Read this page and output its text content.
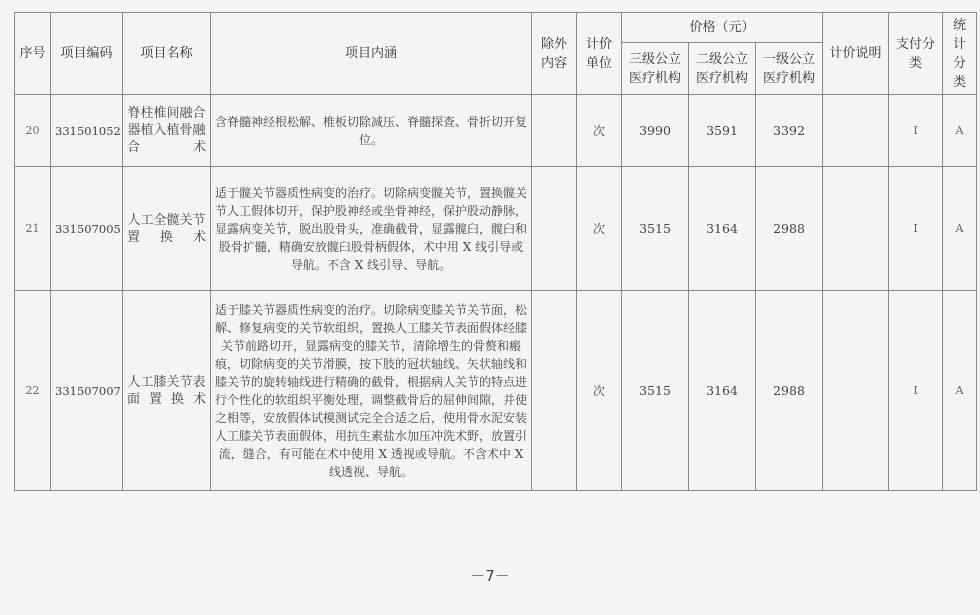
序号	项目编码	项目名称	项目内涵	除外内容	计价单位	价格（元）			计价说明	支付分类	统计分类
						三级公立医疗机构	二级公立医疗机构	一级公立医疗机构			
20	331501052	脊柱椎间融合器植入植骨融合术	含脊髓神经根松解、椎板切除减压、脊髓探查、骨折切开复位。		次	3990	3591	3392		I	A
21	331507005	人工全髋关节置换术	适于髋关节器质性病变的治疗。切除病变髋关节，置换髋关节人工假体切开，保护股神经或坐骨神经，保护股动静脉，显露病变关节，脱出股骨头，准确截骨，显露髋臼，髋臼和股骨扩髓，精确安放髋臼股骨柄假体，术中用 X 线引导或导航。不含 X 线引导、导航。		次	3515	3164	2988		I	A
22	331507007	人工膝关节表面置换术	适于膝关节器质性病变的治疗。切除病变膝关节关节面，松解、修复病变的关节软组织，置换人工膝关节表面假体经膝关节前路切开，显露病变的膝关节，清除增生的骨赘和瘢痕，切除病变的关节滑膜，按下肢的冠状轴线、矢状轴线和膝关节的旋转轴线进行精确的截骨，根据病人关节的特点进行个性化的软组织平衡处理，调整截骨后的屈伸间隙，并使之相等，安放假体试模测试完全合适之后，使用骨水泥安装人工膝关节表面假体，用抗生素盐水加压冲洗术野，放置引流，缝合，有可能在术中使用 X 透视或导航。不含术中 X 线透视、导航。		次	3515	3164	2988		I	A
－7－
